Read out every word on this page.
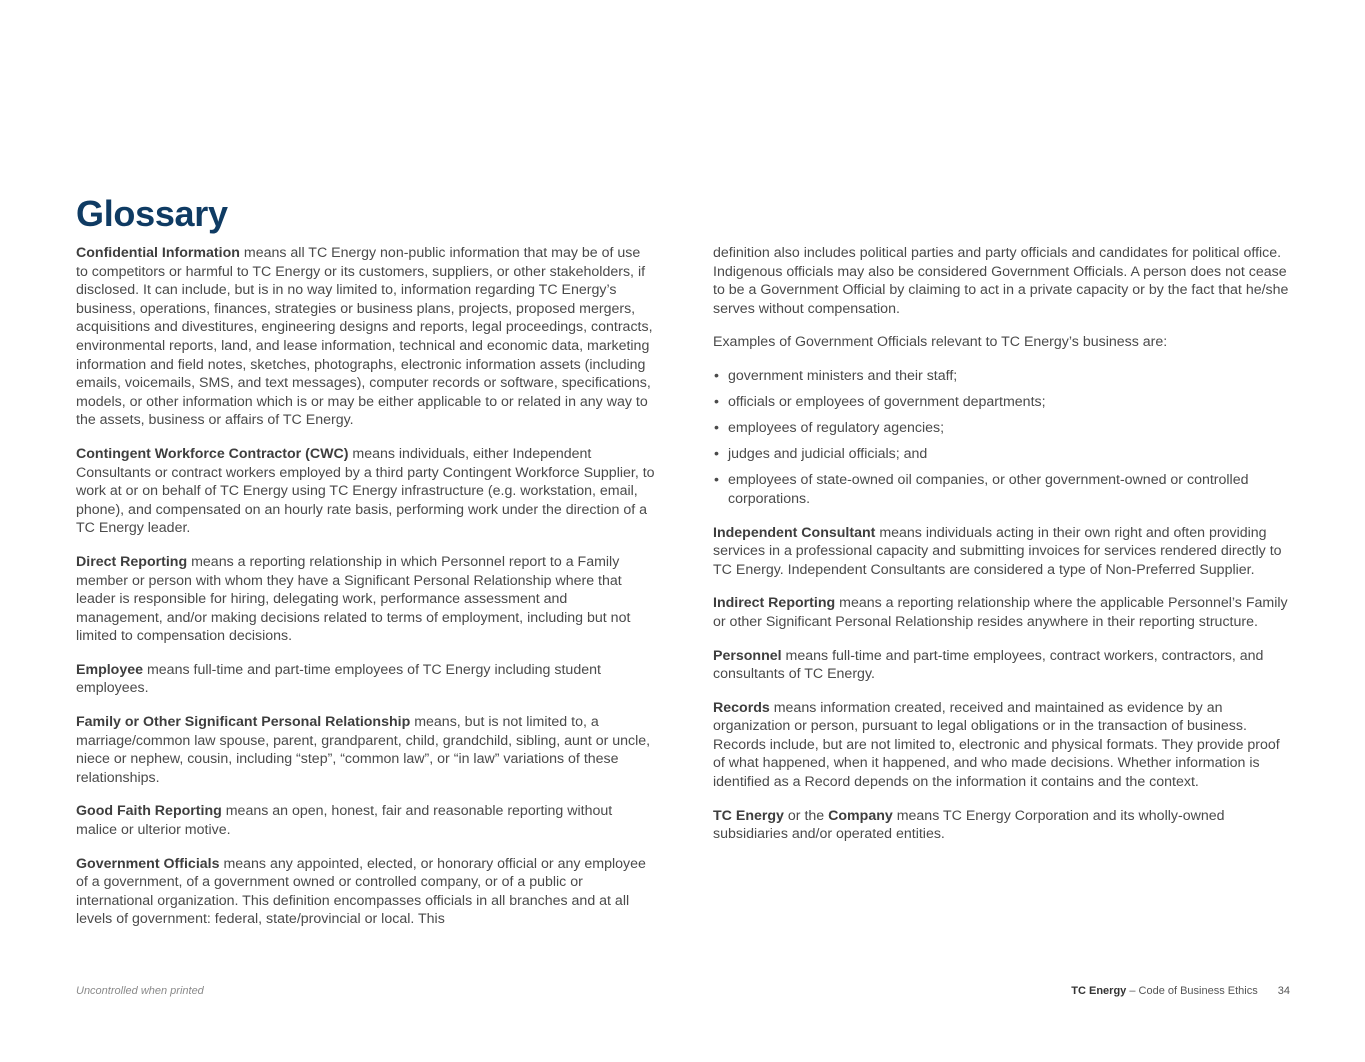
Glossary

Confidential Information means all TC Energy non-public information that may be of use to competitors or harmful to TC Energy or its customers, suppliers, or other stakeholders, if disclosed. It can include, but is in no way limited to, information regarding TC Energy’s business, operations, finances, strategies or business plans, projects, proposed mergers, acquisitions and divestitures, engineering designs and reports, legal proceedings, contracts, environmental reports, land, and lease information, technical and economic data, marketing information and field notes, sketches, photographs, electronic information assets (including emails, voicemails, SMS, and text messages), computer records or software, specifications, models, or other information which is or may be either applicable to or related in any way to the assets, business or affairs of TC Energy.

Contingent Workforce Contractor (CWC) means individuals, either Independent Consultants or contract workers employed by a third party Contingent Workforce Supplier, to work at or on behalf of TC Energy using TC Energy infrastructure (e.g. workstation, email, phone), and compensated on an hourly rate basis, performing work under the direction of a TC Energy leader.

Direct Reporting means a reporting relationship in which Personnel report to a Family member or person with whom they have a Significant Personal Relationship where that leader is responsible for hiring, delegating work, performance assessment and management, and/or making decisions related to terms of employment, including but not limited to compensation decisions.

Employee means full-time and part-time employees of TC Energy including student employees.

Family or Other Significant Personal Relationship means, but is not limited to, a marriage/common law spouse, parent, grandparent, child, grandchild, sibling, aunt or uncle, niece or nephew, cousin, including “step”, “common law”, or “in law” variations of these relationships.

Good Faith Reporting means an open, honest, fair and reasonable reporting without malice or ulterior motive.

Government Officials means any appointed, elected, or honorary official or any employee of a government, of a government owned or controlled company, or of a public or international organization. This definition encompasses officials in all branches and at all levels of government: federal, state/provincial or local. This

definition also includes political parties and party officials and candidates for political office. Indigenous officials may also be considered Government Officials. A person does not cease to be a Government Official by claiming to act in a private capacity or by the fact that he/she serves without compensation.

Examples of Government Officials relevant to TC Energy’s business are:

• government ministers and their staff;
• officials or employees of government departments;
• employees of regulatory agencies;
• judges and judicial officials; and
• employees of state-owned oil companies, or other government-owned or controlled corporations.

Independent Consultant means individuals acting in their own right and often providing services in a professional capacity and submitting invoices for services rendered directly to TC Energy. Independent Consultants are considered a type of Non-Preferred Supplier.

Indirect Reporting means a reporting relationship where the applicable Personnel’s Family or other Significant Personal Relationship resides anywhere in their reporting structure.

Personnel means full-time and part-time employees, contract workers, contractors, and consultants of TC Energy.

Records means information created, received and maintained as evidence by an organization or person, pursuant to legal obligations or in the transaction of business. Records include, but are not limited to, electronic and physical formats. They provide proof of what happened, when it happened, and who made decisions. Whether information is identified as a Record depends on the information it contains and the context.

TC Energy or the Company means TC Energy Corporation and its wholly-owned subsidiaries and/or operated entities.

Uncontrolled when printed	TC Energy – Code of Business Ethics 34
